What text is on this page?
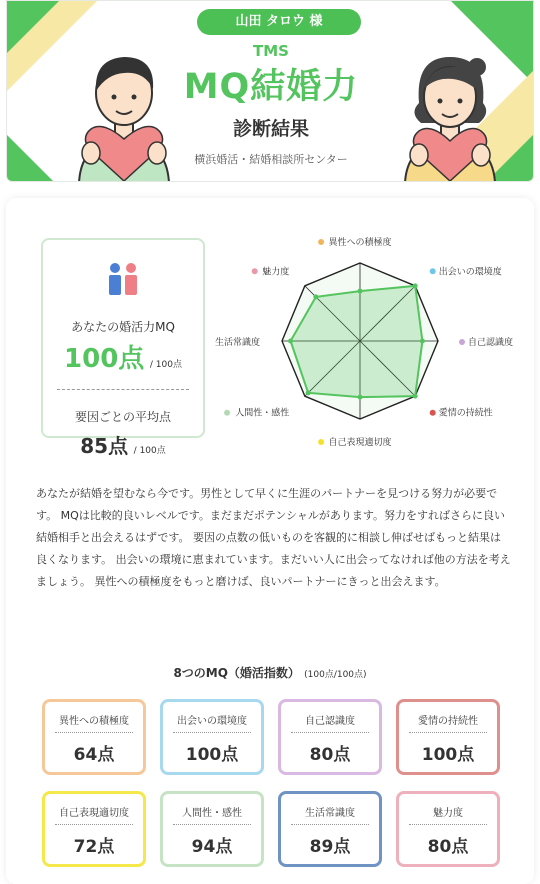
山田 タロウ 様
TMS
MQ結婚力
診断結果
横浜婚活・結婚相談所センター
あなたの婚活力MQ
100点 / 100点
要因ごとの平均点
85点 / 100点
異性への積極度
出会いの環境度
自己認識度
愛情の持続性
自己表現適切度
人間性・感性
生活常識度
魅力度
あなたが結婚を望むなら今です。男性として早くに生涯のパートナーを見つける努力が必要です。 MQは比較的良いレベルです。まだまだポテンシャルがあります。努力をすればさらに良い結婚相手と出会えるはずです。 要因の点数の低いものを客観的に相談し伸ばせばもっと結果は良くなります。 出会いの環境に恵まれています。まだいい人に出会ってなければ他の方法を考えましょう。 異性への積極度をもっと磨けば、良いパートナーにきっと出会えます。
8つのMQ（婚活指数） (100点/100点)
異性への積極度
64点
出会いの環境度
100点
自己認識度
80点
愛情の持続性
100点
自己表現適切度
72点
人間性・感性
94点
生活常識度
89点
魅力度
80点
